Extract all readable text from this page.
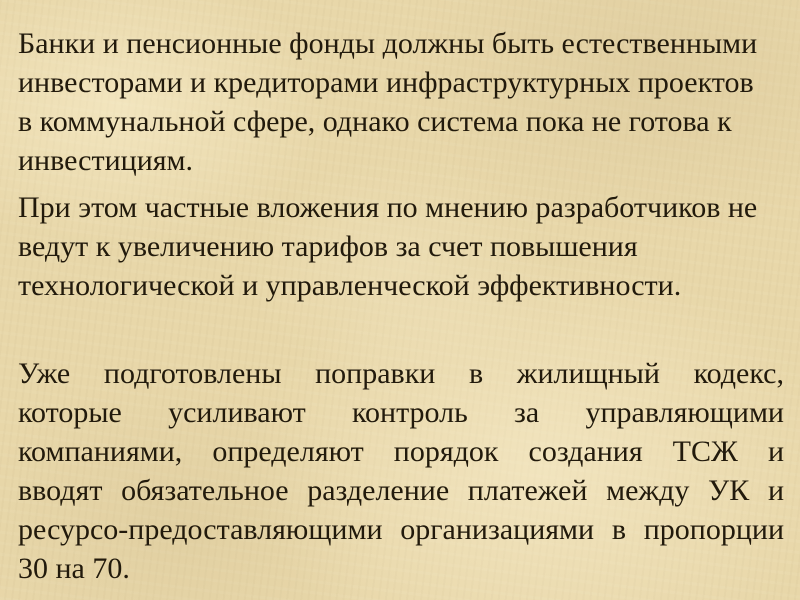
Банки и пенсионные фонды должны быть естественными
инвесторами и кредиторами инфраструктурных проектов
в коммунальной сфере, однако система пока не готова к
инвестициям.
При этом частные вложения по мнению разработчиков не
ведут к увеличению тарифов за счет повышения
технологической и управленческой эффективности.
Уже подготовлены поправки в жилищный кодекс,
которые усиливают контроль за управляющими
компаниями, определяют порядок создания ТСЖ и
вводят обязательное разделение платежей между УК и
ресурсо-предоставляющими организациями в пропорции
30 на 70.
